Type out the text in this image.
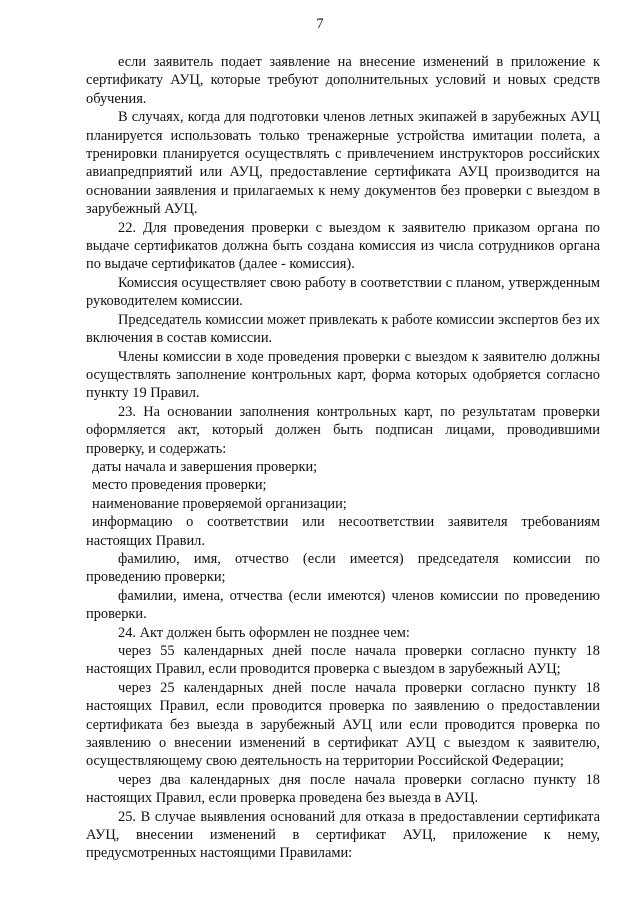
7

если заявитель подает заявление на внесение изменений в приложение к сертификату АУЦ, которые требуют дополнительных условий и новых средств обучения.

В случаях, когда для подготовки членов летных экипажей в зарубежных АУЦ планируется использовать только тренажерные устройства имитации полета, а тренировки планируется осуществлять с привлечением инструкторов российских авиапредприятий или АУЦ, предоставление сертификата АУЦ производится на основании заявления и прилагаемых к нему документов без проверки с выездом в зарубежный АУЦ.

22. Для проведения проверки с выездом к заявителю приказом органа по выдаче сертификатов должна быть создана комиссия из числа сотрудников органа по выдаче сертификатов (далее - комиссия).

Комиссия осуществляет свою работу в соответствии с планом, утвержденным руководителем комиссии.

Председатель комиссии может привлекать к работе комиссии экспертов без их включения в состав комиссии.

Члены комиссии в ходе проведения проверки с выездом к заявителю должны осуществлять заполнение контрольных карт, форма которых одобряется согласно пункту 19 Правил.

23. На основании заполнения контрольных карт, по результатам проверки оформляется акт, который должен быть подписан лицами, проводившими проверку, и содержать:

даты начала и завершения проверки;

место проведения проверки;

наименование проверяемой организации;

информацию о соответствии или несоответствии заявителя требованиям настоящих Правил.

фамилию, имя, отчество (если имеется) председателя комиссии по проведению проверки;

фамилии, имена, отчества (если имеются) членов комиссии по проведению проверки.

24. Акт должен быть оформлен не позднее чем:

через 55 календарных дней после начала проверки согласно пункту 18 настоящих Правил, если проводится проверка с выездом в зарубежный АУЦ;

через 25 календарных дней после начала проверки согласно пункту 18 настоящих Правил, если проводится проверка по заявлению о предоставлении сертификата без выезда в зарубежный АУЦ или если проводится проверка по заявлению о внесении изменений в сертификат АУЦ с выездом к заявителю, осуществляющему свою деятельность на территории Российской Федерации;

через два календарных дня после начала проверки согласно пункту 18 настоящих Правил, если проверка проведена без выезда в АУЦ.

25. В случае выявления оснований для отказа в предоставлении сертификата АУЦ, внесении изменений в сертификат АУЦ, приложение к нему, предусмотренных настоящими Правилами:
